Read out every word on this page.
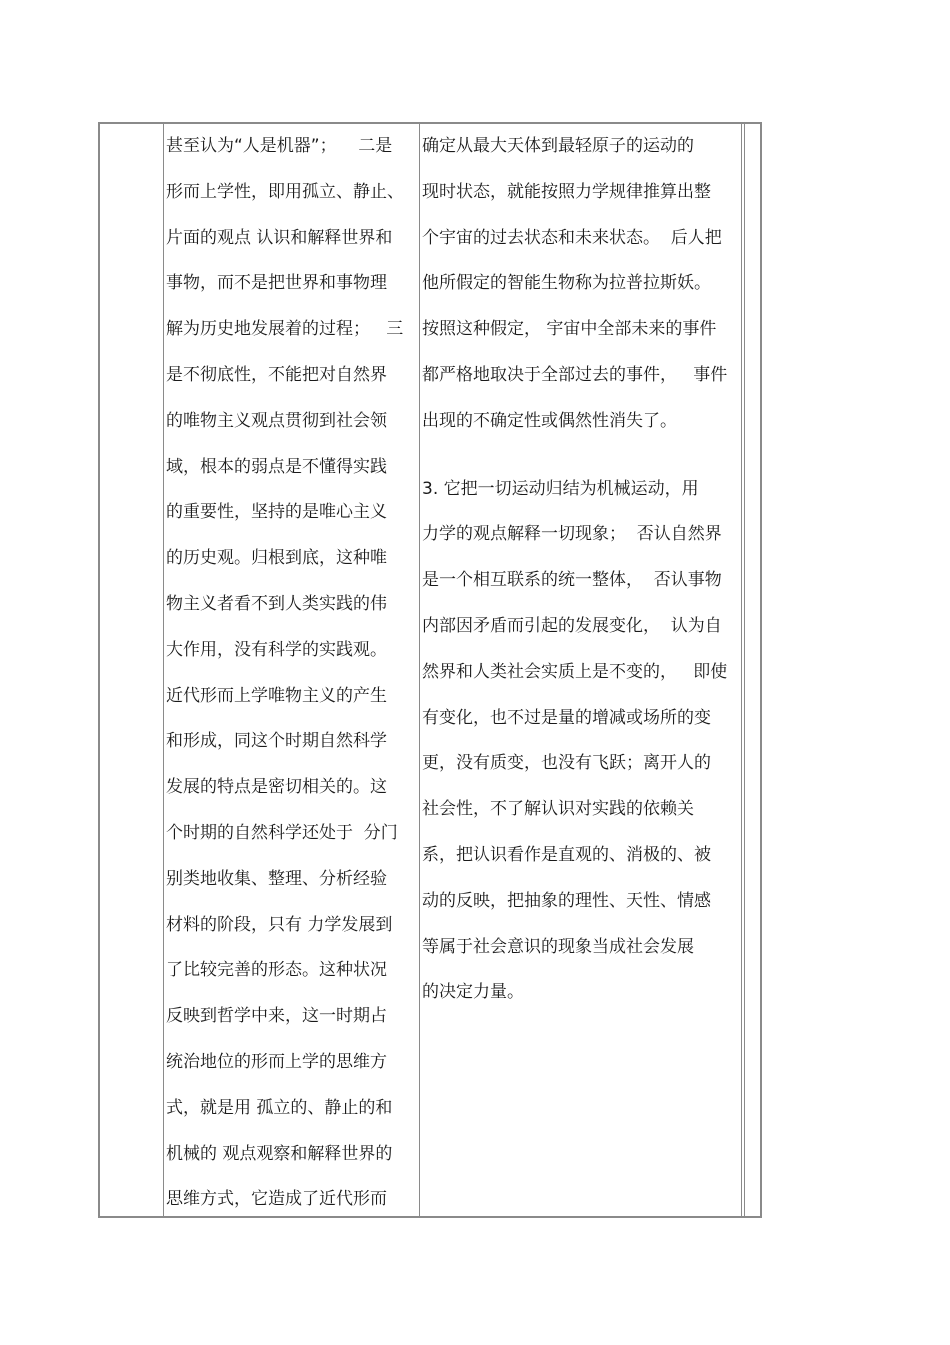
甚至认为“人是机器”；    二是
形而上学性，即用孤立、静止、
片面的观点 认识和解释世界和
事物，而不是把世界和事物理
解为历史地发展着的过程；   三
是不彻底性，不能把对自然界
的唯物主义观点贯彻到社会领
域，根本的弱点是不懂得实践
的重要性，坚持的是唯心主义
的历史观。归根到底，这种唯
物主义者看不到人类实践的伟
大作用，没有科学的实践观。
近代形而上学唯物主义的产生
和形成，同这个时期自然科学
发展的特点是密切相关的。这
个时期的自然科学还处于  分门
别类地收集、整理、分析经验
材料的阶段，只有 力学发展到
了比较完善的形态。这种状况
反映到哲学中来，这一时期占
统治地位的形而上学的思维方
式，就是用 孤立的、静止的和
机械的 观点观察和解释世界的
思维方式，它造成了近代形而
确定从最大天体到最轻原子的运动的
现时状态，就能按照力学规律推算出整
个宇宙的过去状态和未来状态。  后人把
他所假定的智能生物称为拉普拉斯妖。
按照这种假定， 宇宙中全部未来的事件
都严格地取决于全部过去的事件，   事件
出现的不确定性或偶然性消失了。
3. 它把一切运动归结为机械运动，用
力学的观点解释一切现象；  否认自然界
是一个相互联系的统一整体，  否认事物
内部因矛盾而引起的发展变化，  认为自
然界和人类社会实质上是不变的，   即使
有变化，也不过是量的增减或场所的变
更，没有质变，也没有飞跃；离开人的
社会性，不了解认识对实践的依赖关
系，把认识看作是直观的、消极的、被
动的反映，把抽象的理性、天性、情感
等属于社会意识的现象当成社会发展
的决定力量。
